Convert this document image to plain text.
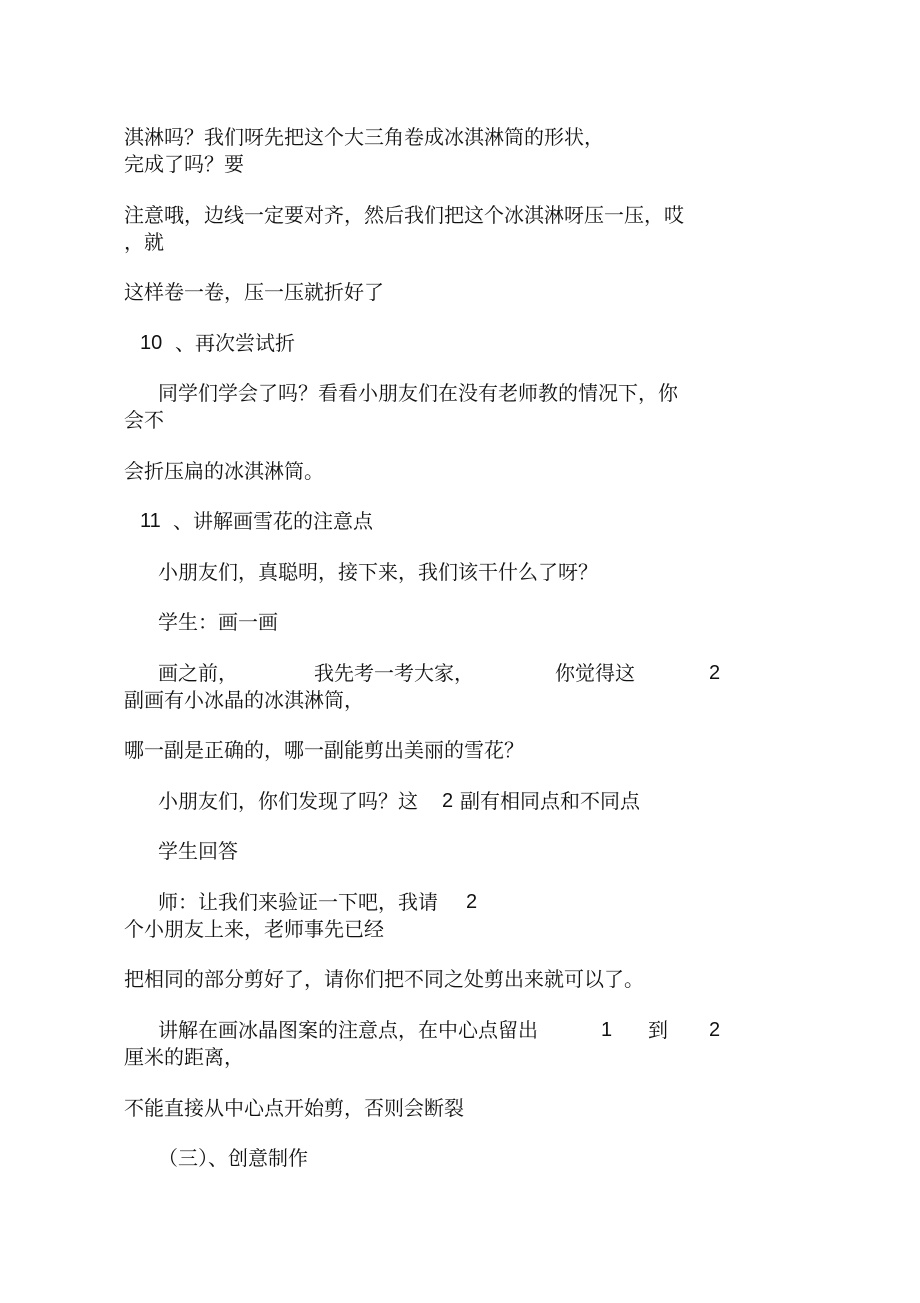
淇淋吗？我们呀先把这个大三角卷成冰淇淋筒的形状，
完成了吗？要
注意哦，边线一定要对齐，然后我们把这个冰淇淋呀压一压，哎
，就
这样卷一卷，压一压就折好了
10 、再次尝试折
同学们学会了吗？看看小朋友们在没有老师教的情况下，你
会不
会折压扁的冰淇淋筒。
11 、讲解画雪花的注意点
小朋友们，真聪明，接下来，我们该干什么了呀？
学生：画一画
画之前，	我先考一考大家，	你觉得这	2
副画有小冰晶的冰淇淋筒，
哪一副是正确的，哪一副能剪出美丽的雪花？
小朋友们，你们发现了吗？这 2 副有相同点和不同点
学生回答
师：让我们来验证一下吧，我请 2
个小朋友上来，老师事先已经
把相同的部分剪好了，请你们把不同之处剪出来就可以了。
讲解在画冰晶图案的注意点，在中心点留出	1 到 2
厘米的距离，
不能直接从中心点开始剪，否则会断裂
（三）、创意制作
